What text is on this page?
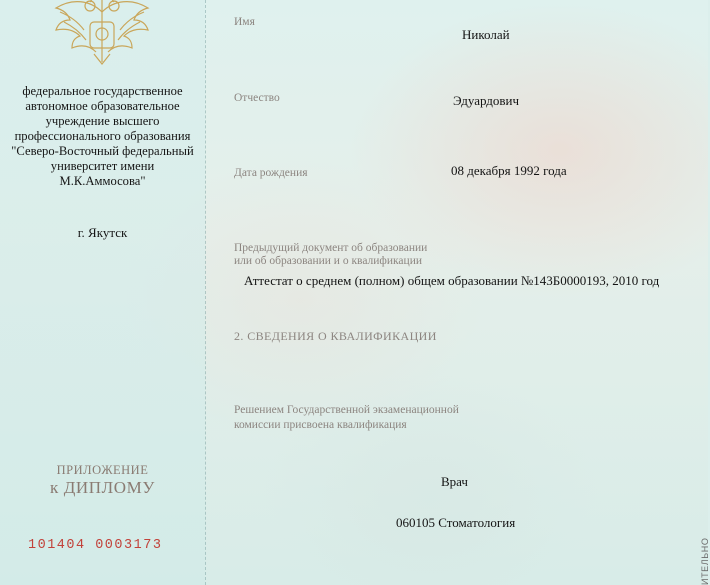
федеральное государственное
автономное образовательное
учреждение высшего
профессионального образования
"Северо-Восточный федеральный
университет имени
М.К.Аммосова"
г. Якутск
ПРИЛОЖЕНИЕ
к ДИПЛОМУ
101404 0003173
Имя
Николай
Отчество	Эдуардович
Дата рождения	08 декабря 1992 года
Предыдущий документ об образовании
или об образовании и о квалификации
Аттестат о среднем (полном) общем образовании №143Б0000193, 2010 год
2. СВЕДЕНИЯ О КВАЛИФИКАЦИИ
Решением Государственной экзаменационной
комиссии присвоена квалификация
Врач
060105 Стоматология
ИТЕЛЬНО
